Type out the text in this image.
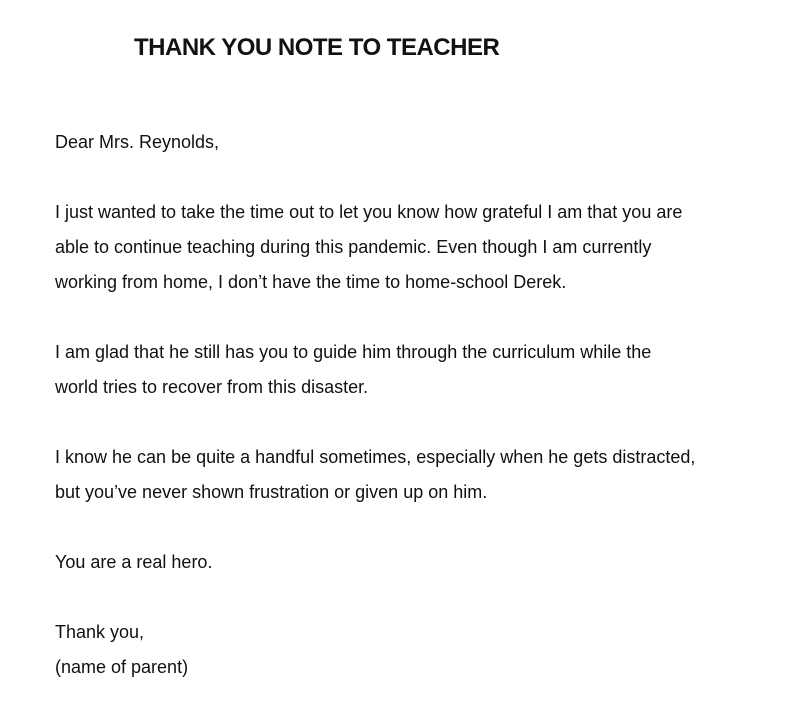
THANK YOU NOTE TO TEACHER
Dear Mrs. Reynolds,
I just wanted to take the time out to let you know how grateful I am that you are
able to continue teaching during this pandemic. Even though I am currently
working from home, I don’t have the time to home-school Derek.
I am glad that he still has you to guide him through the curriculum while the
world tries to recover from this disaster.
I know he can be quite a handful sometimes, especially when he gets distracted,
but you’ve never shown frustration or given up on him.
You are a real hero.
Thank you,
(name of parent)
